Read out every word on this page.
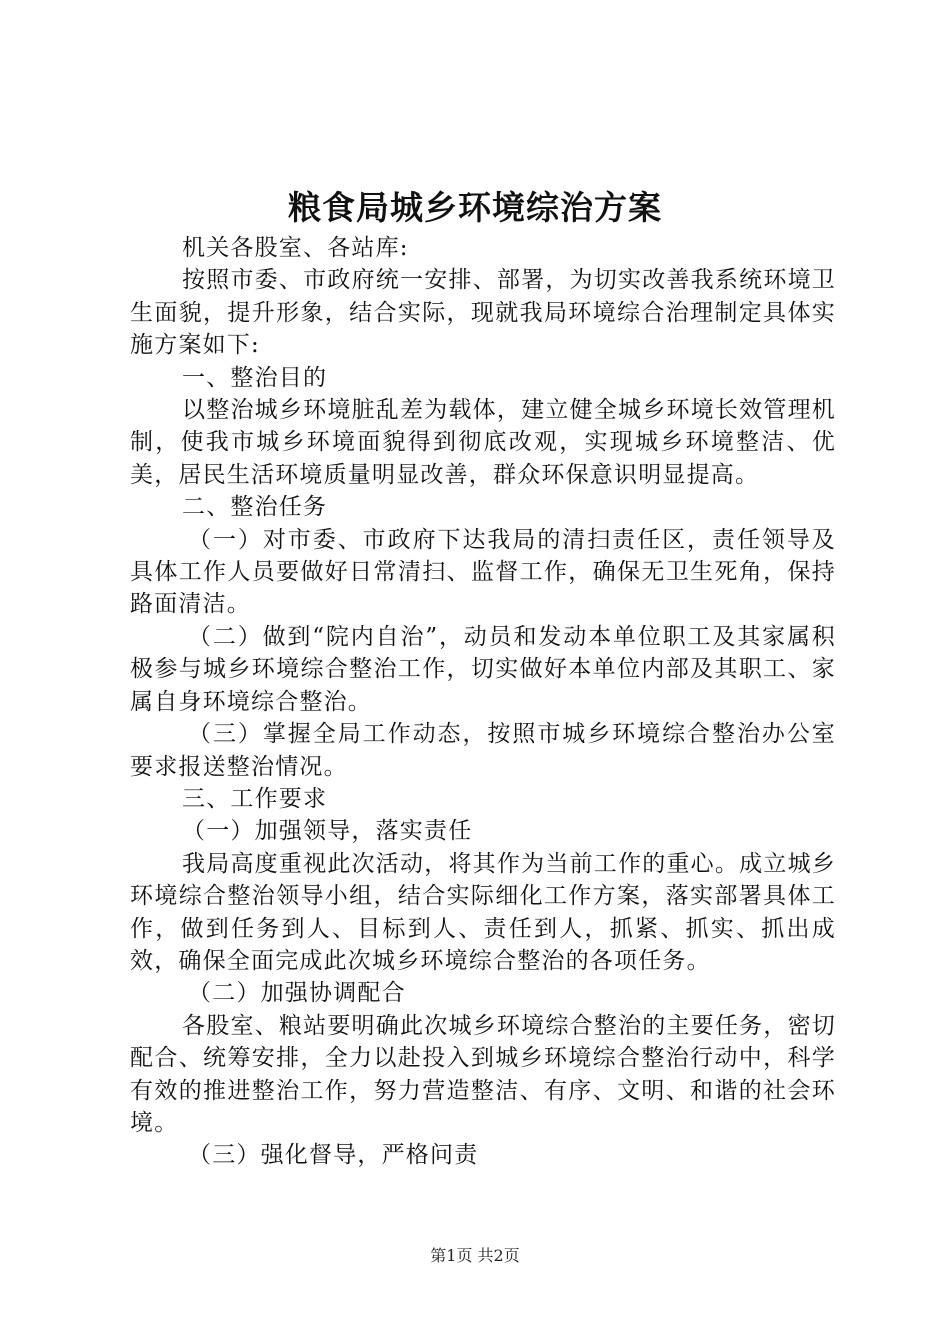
粮食局城乡环境综治方案

机关各股室、各站库:

按照市委、市政府统一安排、部署，为切实改善我系统环境卫生面貌，提升形象，结合实际，现就我局环境综合治理制定具体实施方案如下:

一、整治目的

以整治城乡环境脏乱差为载体，建立健全城乡环境长效管理机制，使我市城乡环境面貌得到彻底改观，实现城乡环境整洁、优美，居民生活环境质量明显改善，群众环保意识明显提高。

二、整治任务

（一）对市委、市政府下达我局的清扫责任区，责任领导及具体工作人员要做好日常清扫、监督工作，确保无卫生死角，保持路面清洁。

（二）做到“院内自治”，动员和发动本单位职工及其家属积极参与城乡环境综合整治工作，切实做好本单位内部及其职工、家属自身环境综合整治。

（三）掌握全局工作动态，按照市城乡环境综合整治办公室要求报送整治情况。

三、工作要求

（一）加强领导，落实责任

我局高度重视此次活动，将其作为当前工作的重心。成立城乡环境综合整治领导小组，结合实际细化工作方案，落实部署具体工作，做到任务到人、目标到人、责任到人，抓紧、抓实、抓出成效，确保全面完成此次城乡环境综合整治的各项任务。

（二）加强协调配合

各股室、粮站要明确此次城乡环境综合整治的主要任务，密切配合、统筹安排，全力以赴投入到城乡环境综合整治行动中，科学有效的推进整治工作，努力营造整洁、有序、文明、和谐的社会环境。

（三）强化督导，严格问责

第1页 共2页
